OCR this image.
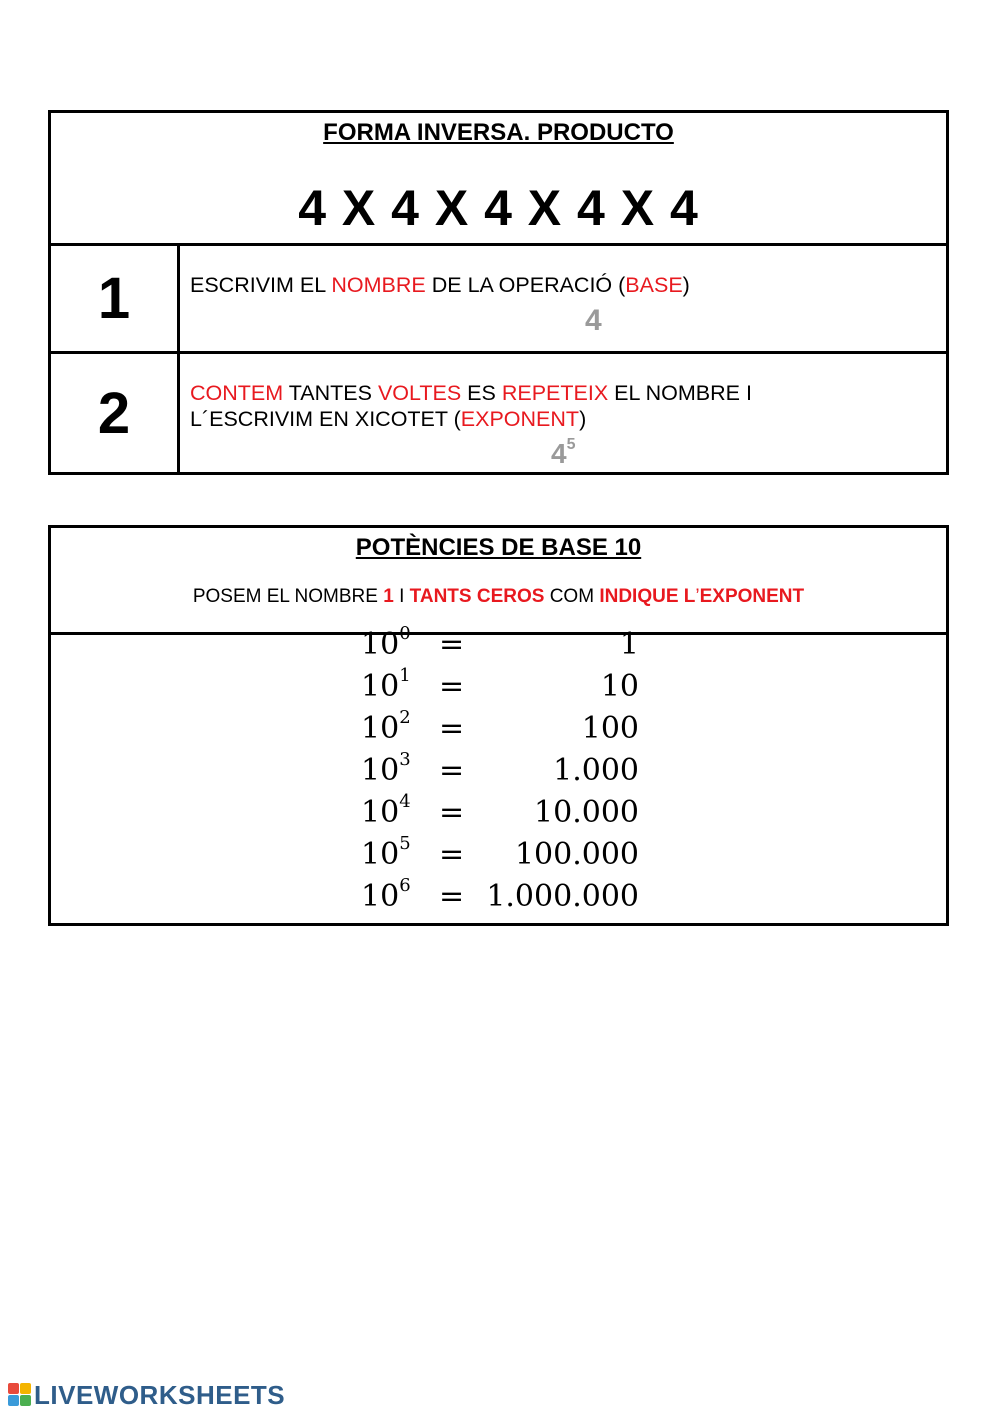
FORMA INVERSA. PRODUCTO
4 X 4 X 4 X 4 X 4
1	ESCRIVIM EL NOMBRE DE LA OPERACIÓ (BASE)
4
2	CONTEM TANTES VOLTES ES REPETEIX EL NOMBRE I
L´ESCRIVIM EN XICOTET (EXPONENT)
$4^5$
POTÈNCIES DE BASE 10
POSEM EL NOMBRE 1 I TANTS CEROS COM INDIQUE L’EXPONENT
$10^0$ =	1
$10^1$ =	10
$10^2$ =	100
$10^3$ =	1.000
$10^4 = 10.000$
$10^5 = 100.000$
$10^6 = 1.000.000$
LIVEWORKSHEETS
